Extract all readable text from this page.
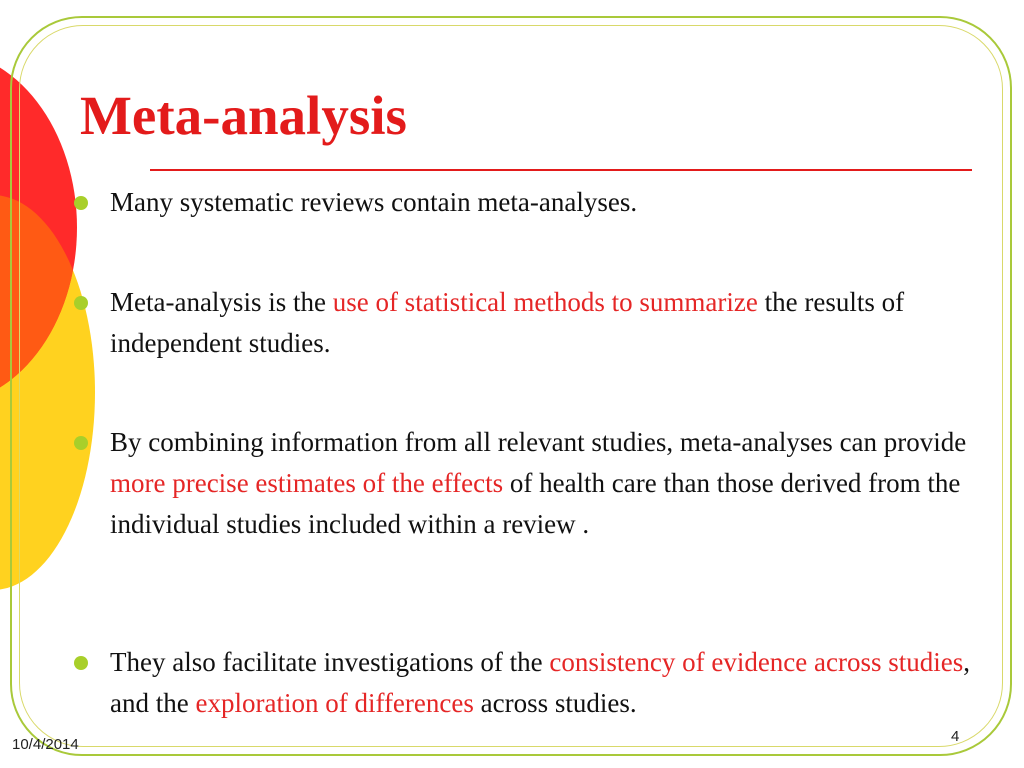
Meta-analysis
Many systematic reviews contain meta-analyses.
Meta-analysis is the use of statistical methods to summarize the results of independent studies.
By combining information from all relevant studies, meta-analyses can provide more precise estimates of the effects of health care than those derived from the individual studies included within a review .
They also facilitate investigations of the consistency of evidence across studies, and the exploration of differences across studies.
10/4/2014	4
